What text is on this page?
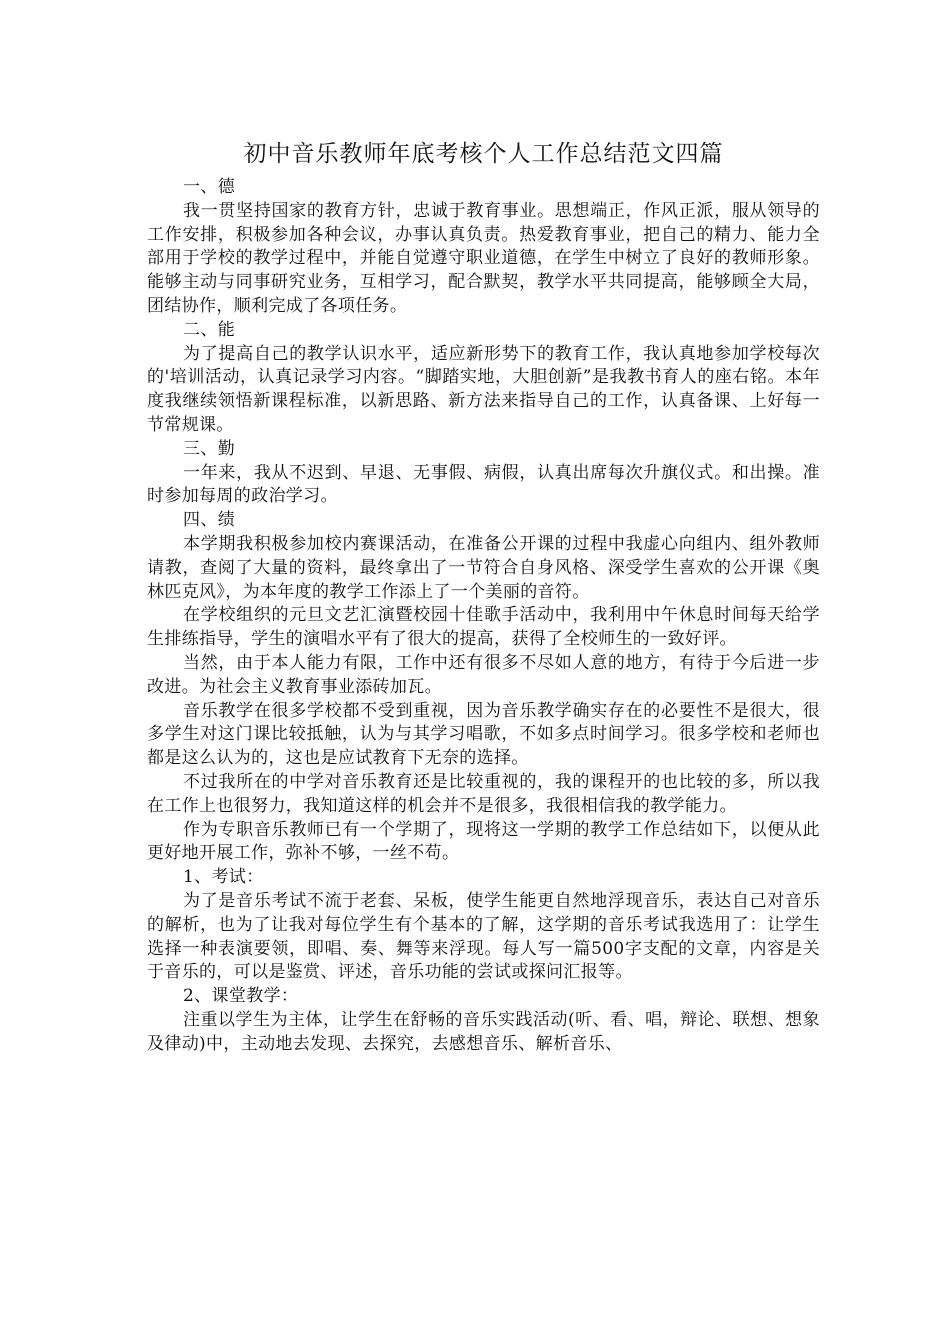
初中音乐教师年底考核个人工作总结范文四篇

一、德

我一贯坚持国家的教育方针，忠诚于教育事业。思想端正，作风正派，服从领导的工作安排，积极参加各种会议，办事认真负责。热爱教育事业，把自己的精力、能力全部用于学校的教学过程中，并能自觉遵守职业道德，在学生中树立了良好的教师形象。能够主动与同事研究业务，互相学习，配合默契，教学水平共同提高，能够顾全大局，团结协作，顺利完成了各项任务。

二、能

为了提高自己的教学认识水平，适应新形势下的教育工作，我认真地参加学校每次的'培训活动，认真记录学习内容。“脚踏实地，大胆创新”是我教书育人的座右铭。本年度我继续领悟新课程标准，以新思路、新方法来指导自己的工作，认真备课、上好每一节常规课。

三、勤

一年来，我从不迟到、早退、无事假、病假，认真出席每次升旗仪式。和出操。准时参加每周的政治学习。

四、绩

本学期我积极参加校内赛课活动，在准备公开课的过程中我虚心向组内、组外教师请教，查阅了大量的资料，最终拿出了一节符合自身风格、深受学生喜欢的公开课《奥林匹克风》，为本年度的教学工作添上了一个美丽的音符。

在学校组织的元旦文艺汇演暨校园十佳歌手活动中，我利用中午休息时间每天给学生排练指导，学生的演唱水平有了很大的提高，获得了全校师生的一致好评。

当然，由于本人能力有限，工作中还有很多不尽如人意的地方，有待于今后进一步改进。为社会主义教育事业添砖加瓦。

音乐教学在很多学校都不受到重视，因为音乐教学确实存在的必要性不是很大，很多学生对这门课比较抵触，认为与其学习唱歌，不如多点时间学习。很多学校和老师也都是这么认为的，这也是应试教育下无奈的选择。

不过我所在的中学对音乐教育还是比较重视的，我的课程开的也比较的多，所以我在工作上也很努力，我知道这样的机会并不是很多，我很相信我的教学能力。

作为专职音乐教师已有一个学期了，现将这一学期的教学工作总结如下，以便从此更好地开展工作，弥补不够，一丝不苟。

1、考试：

为了是音乐考试不流于老套、呆板，使学生能更自然地浮现音乐，表达自己对音乐的解析，也为了让我对每位学生有个基本的了解，这学期的音乐考试我选用了：让学生选择一种表演要领，即唱、奏、舞等来浮现。每人写一篇500字支配的文章，内容是关于音乐的，可以是鉴赏、评述，音乐功能的尝试或探问汇报等。

2、课堂教学：

注重以学生为主体，让学生在舒畅的音乐实践活动(听、看、唱，辩论、联想、想象及律动)中，主动地去发现、去探究，去感想音乐、解析音乐、
